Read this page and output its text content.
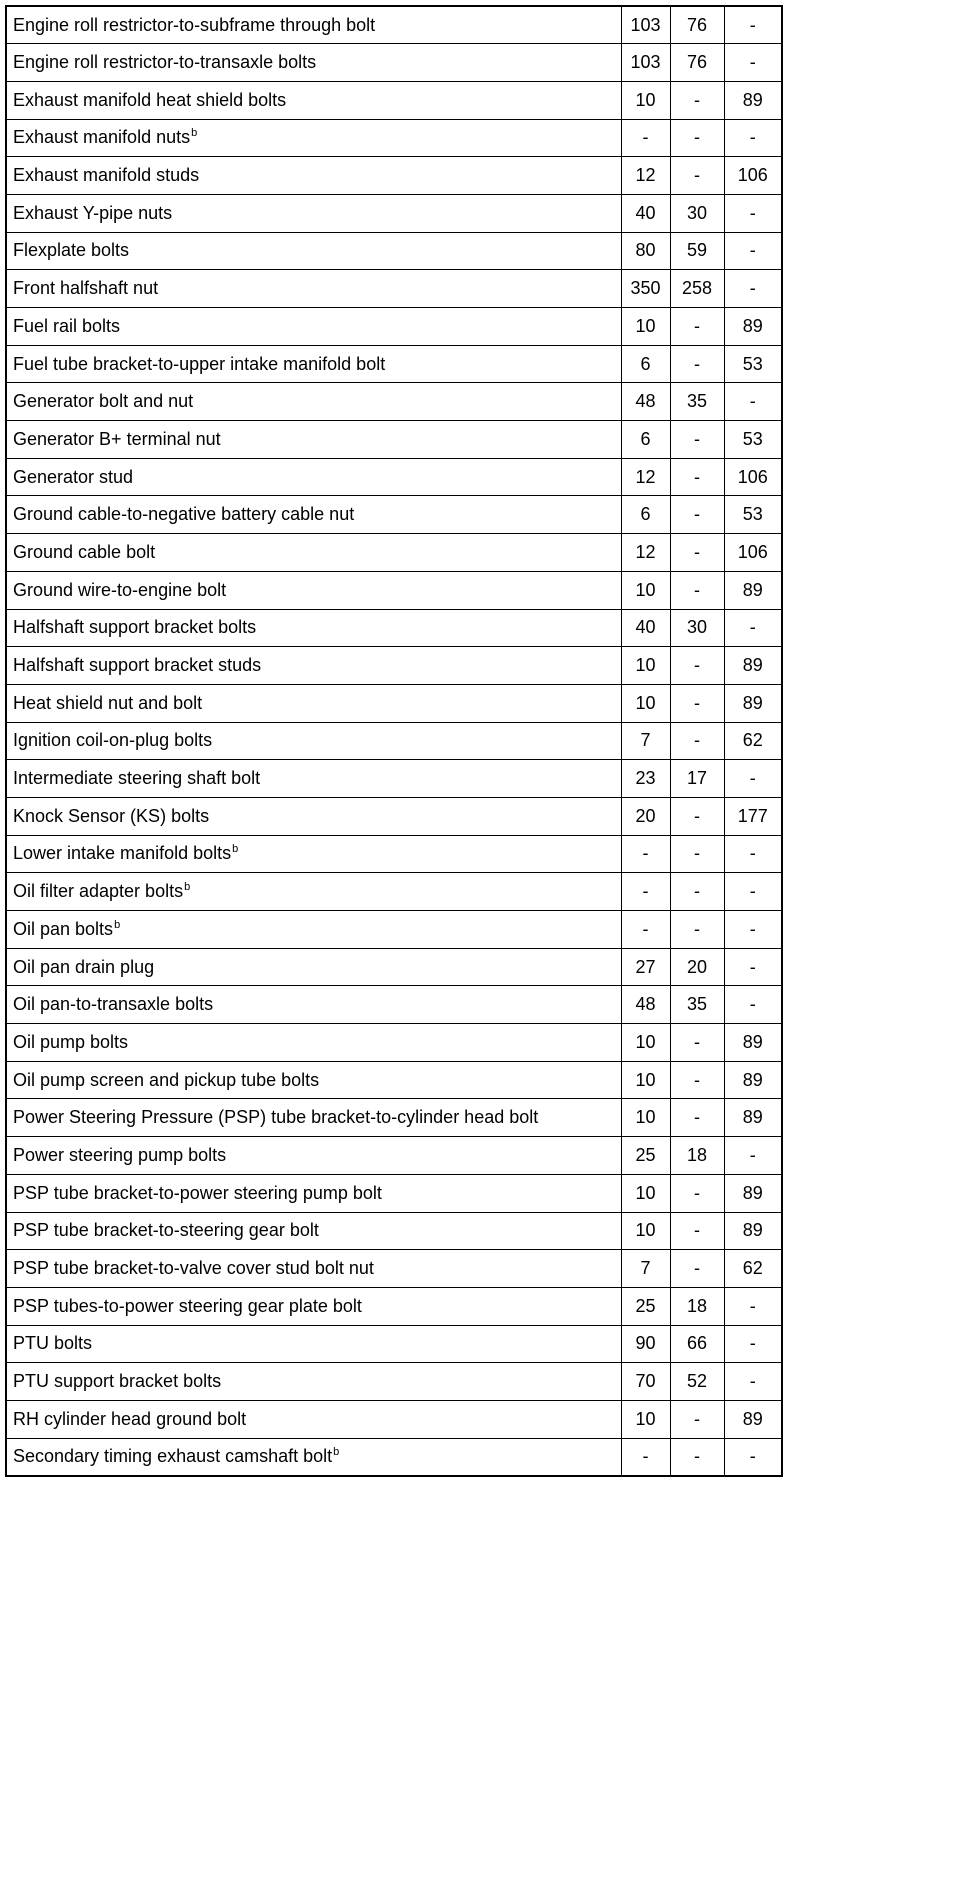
Engine roll restrictor-to-subframe through bolt	103	76	-
Engine roll restrictor-to-transaxle bolts	103	76	-
Exhaust manifold heat shield bolts	10	-	89
Exhaust manifold nuts$^b$	-	-	-
Exhaust manifold studs	12	-	106
Exhaust Y-pipe nuts	40	30	-
Flexplate bolts	80	59	-
Front halfshaft nut	350	258	-
Fuel rail bolts	10	-	89
Fuel tube bracket-to-upper intake manifold bolt	6	-	53
Generator bolt and nut	48	35	-
Generator B+ terminal nut	6	-	53
Generator stud	12	-	106
Ground cable-to-negative battery cable nut	6	-	53
Ground cable bolt	12	-	106
Ground wire-to-engine bolt	10	-	89
Halfshaft support bracket bolts	40	30	-
Halfshaft support bracket studs	10	-	89
Heat shield nut and bolt	10	-	89
Ignition coil-on-plug bolts	7	-	62
Intermediate steering shaft bolt	23	17	-
Knock Sensor (KS) bolts	20	-	177
Lower intake manifold bolts$^b$	-	-	-
Oil filter adapter bolts$^b$	-	-	-
Oil pan bolts$^b$	-	-	-
Oil pan drain plug	27	20	-
Oil pan-to-transaxle bolts	48	35	-
Oil pump bolts	10	-	89
Oil pump screen and pickup tube bolts	10	-	89
Power Steering Pressure (PSP) tube bracket-to-cylinder head bolt	10	-	89
Power steering pump bolts	25	18	-
PSP tube bracket-to-power steering pump bolt	10	-	89
PSP tube bracket-to-steering gear bolt	10	-	89
PSP tube bracket-to-valve cover stud bolt nut	7	-	62
PSP tubes-to-power steering gear plate bolt	25	18	-
PTU bolts	90	66	-
PTU support bracket bolts	70	52	-
RH cylinder head ground bolt	10	-	89
Secondary timing exhaust camshaft bolt$^b$	-	-	-
